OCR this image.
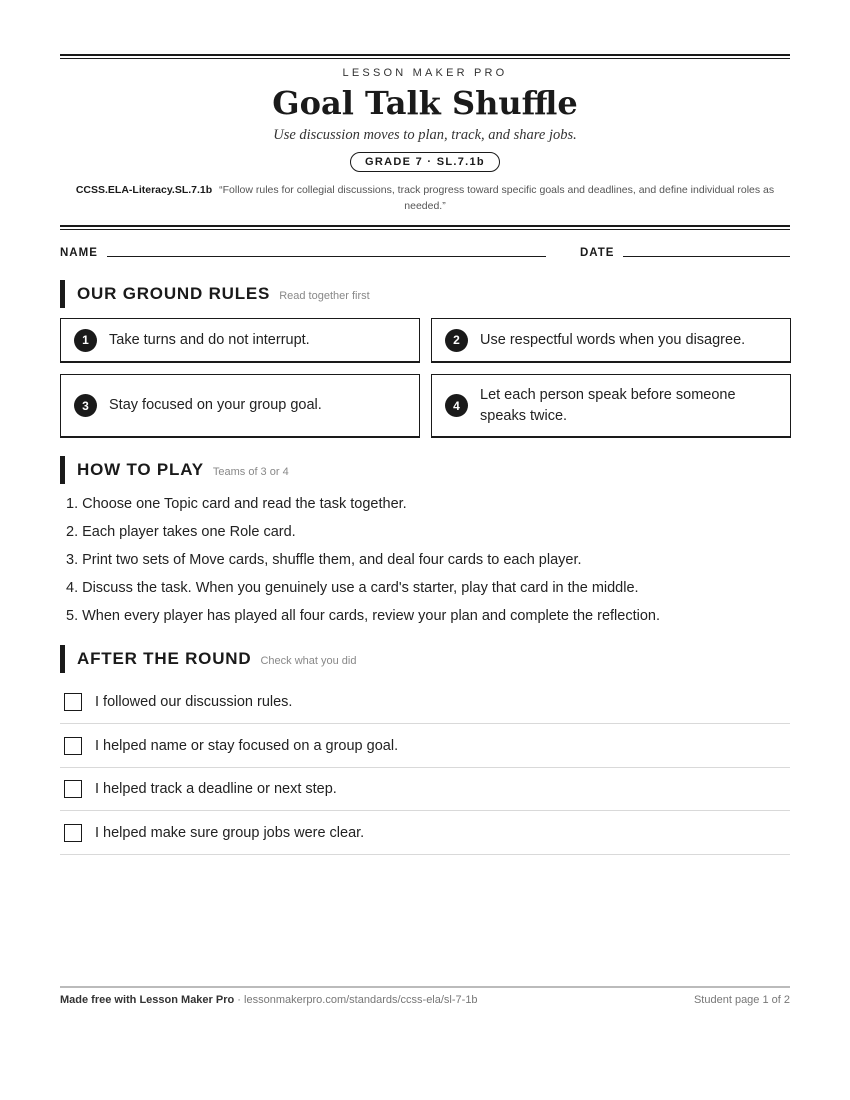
LESSON MAKER PRO
Goal Talk Shuffle
Use discussion moves to plan, track, and share jobs.
GRADE 7 · SL.7.1b
CCSS.ELA-Literacy.SL.7.1b “Follow rules for collegial discussions, track progress toward specific goals and deadlines, and define individual roles as needed.”
NAME	DATE
OUR GROUND RULES Read together first
1	Take turns and do not interrupt.	2	Use respectful words when you disagree.
3	Stay focused on your group goal.	4
Let each person speak before someone speaks twice.
HOW TO PLAY Teams of 3 or 4
1. Choose one Topic card and read the task together.
2. Each player takes one Role card.
3. Print two sets of Move cards, shuffle them, and deal four cards to each player.
4. Discuss the task. When you genuinely use a card's starter, play that card in the middle.
5. When every player has played all four cards, review your plan and complete the reflection.
AFTER THE ROUND Check what you did
I followed our discussion rules.
I helped name or stay focused on a group goal.
I helped track a deadline or next step.
I helped make sure group jobs were clear.
Made free with Lesson Maker Pro · lessonmakerpro.com/standards/ccss-ela/sl-7-1b	Student page 1 of 2
